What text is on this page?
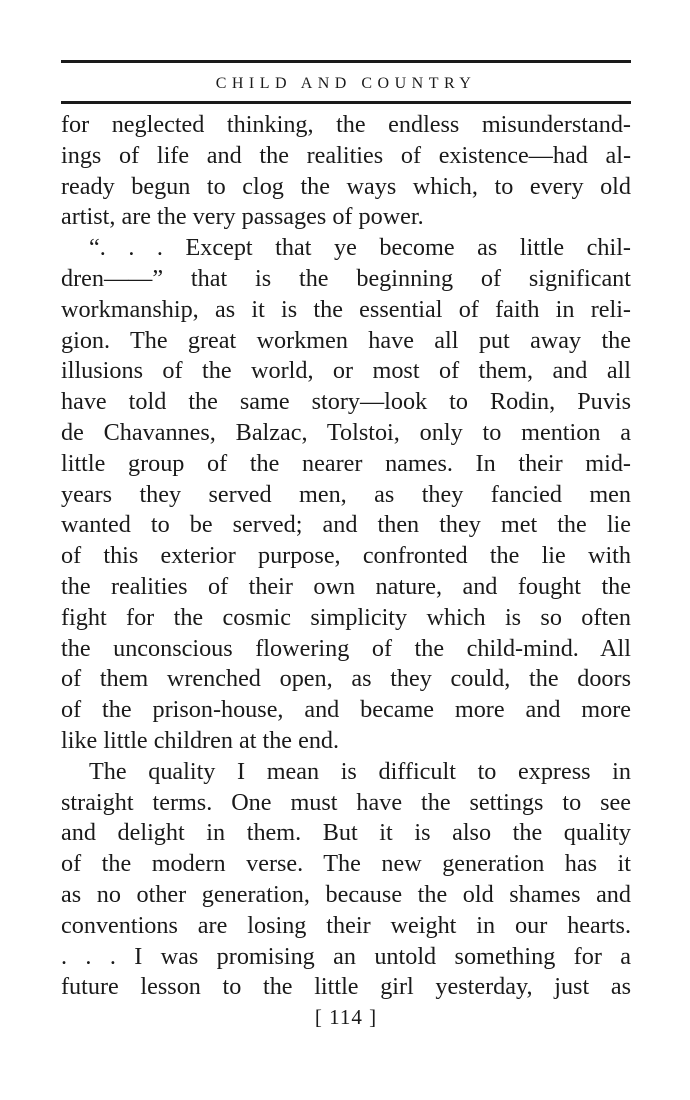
CHILD AND COUNTRY
for neglected thinking, the endless misunderstand-
ings of life and the realities of existence—had al-
ready begun to clog the ways which, to every old
artist, are the very passages of power.
“. . . Except that ye become as little chil-
dren——” that is the beginning of significant
workmanship, as it is the essential of faith in reli-
gion. The great workmen have all put away the
illusions of the world, or most of them, and all
have told the same story—look to Rodin, Puvis
de Chavannes, Balzac, Tolstoi, only to mention a
little group of the nearer names. In their mid-
years they served men, as they fancied men
wanted to be served; and then they met the lie
of this exterior purpose, confronted the lie with
the realities of their own nature, and fought the
fight for the cosmic simplicity which is so often
the unconscious flowering of the child-mind. All
of them wrenched open, as they could, the doors
of the prison-house, and became more and more
like little children at the end.
The quality I mean is difficult to express in
straight terms. One must have the settings to see
and delight in them. But it is also the quality
of the modern verse. The new generation has it
as no other generation, because the old shames and
conventions are losing their weight in our hearts.
. . . I was promising an untold something for a
future lesson to the little girl yesterday, just as
[ 114 ]
